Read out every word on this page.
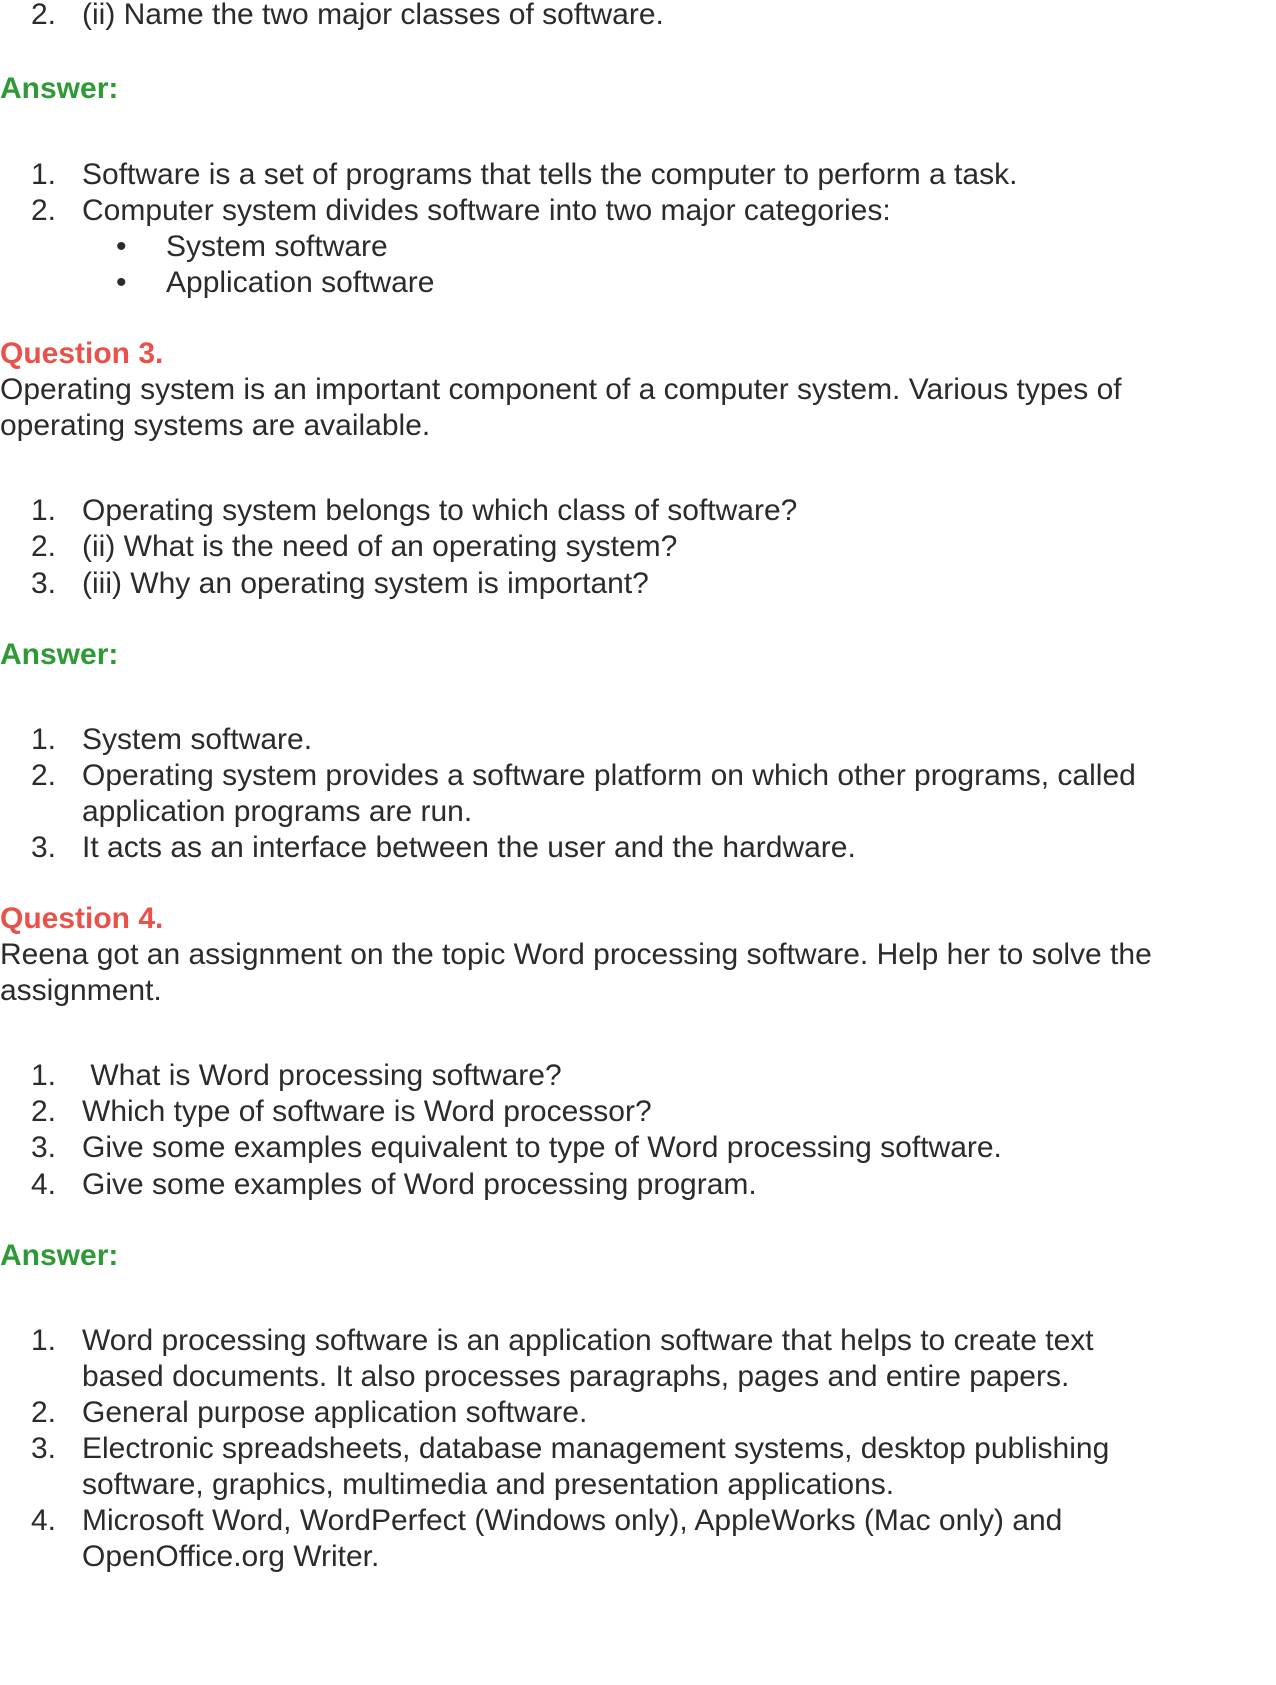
2. (ii) Name the two major classes of software.
Answer:
1. Software is a set of programs that tells the computer to perform a task.
2. Computer system divides software into two major categories:
• System software
• Application software
Question 3.
Operating system is an important component of a computer system. Various types of
operating systems are available.
1. Operating system belongs to which class of software?
2. (ii) What is the need of an operating system?
3. (iii) Why an operating system is important?
Answer:
1. System software.
2. Operating system provides a software platform on which other programs, called
application programs are run.
3. It acts as an interface between the user and the hardware.
Question 4.
Reena got an assignment on the topic Word processing software. Help her to solve the
assignment.
1. What is Word processing software?
2. Which type of software is Word processor?
3. Give some examples equivalent to type of Word processing software.
4. Give some examples of Word processing program.
Answer:
1. Word processing software is an application software that helps to create text
based documents. It also processes paragraphs, pages and entire papers.
2. General purpose application software.
3. Electronic spreadsheets, database management systems, desktop publishing
software, graphics, multimedia and presentation applications.
4. Microsoft Word, WordPerfect (Windows only), AppleWorks (Mac only) and
OpenOffice.org Writer.
